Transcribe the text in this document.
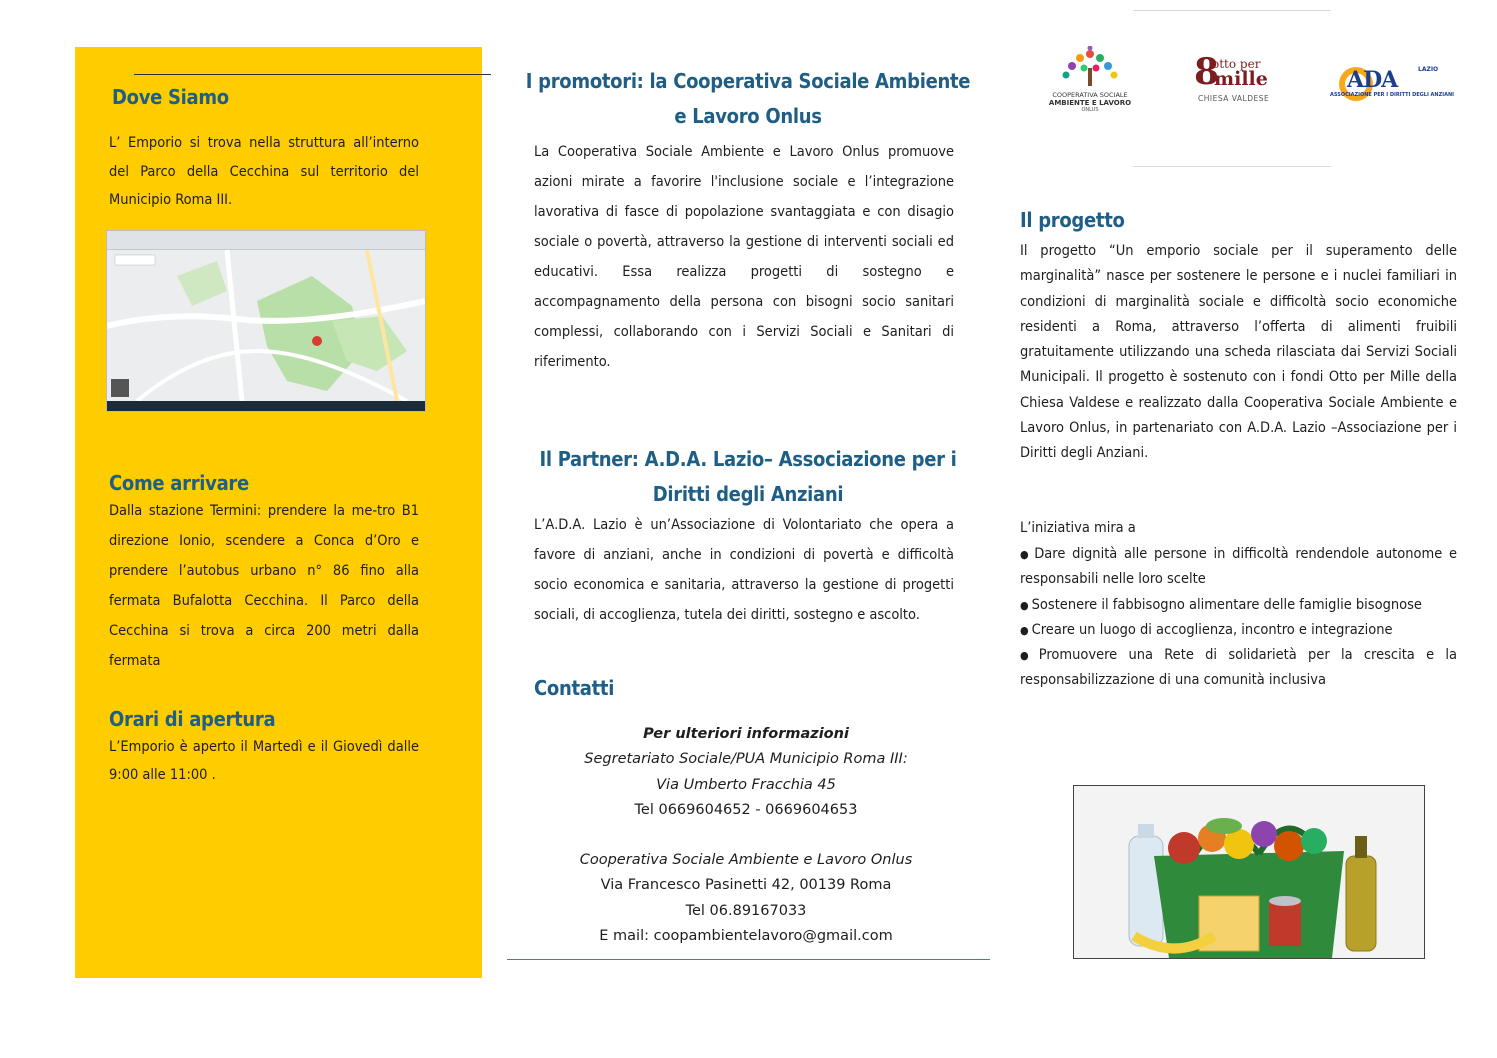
Dove Siamo
L’ Emporio si trova nella struttura all’interno del Parco della Cecchina sul territorio del Municipio Roma III.
Come arrivare
Dalla stazione Termini: prendere la me-tro B1 direzione Ionio, scendere a Conca d’Oro e prendere l’autobus urbano n° 86 fino alla fermata Bufalotta Cecchina. Il Parco della Cecchina si trova a circa 200 metri dalla fermata
Orari di apertura
L’Emporio è aperto il Martedì e il Giovedì dalle 9:00 alle 11:00 .
I promotori: la Cooperativa Sociale Ambiente
e Lavoro Onlus
La Cooperativa Sociale Ambiente e Lavoro Onlus promuove azioni mirate a favorire l'inclusione sociale e l’integrazione lavorativa di fasce di popolazione svantaggiata e con disagio sociale o povertà, attraverso la gestione di interventi sociali ed educativi. Essa realizza progetti di sostegno e accompagnamento della persona con bisogni socio sanitari complessi, collaborando con i Servizi Sociali e Sanitari di riferimento.
Il Partner: A.D.A. Lazio– Associazione per i
Diritti degli Anziani
L’A.D.A. Lazio è un’Associazione di Volontariato che opera a favore di anziani, anche in condizioni di povertà e difficoltà socio economica e sanitaria, attraverso la gestione di progetti sociali, di accoglienza, tutela dei diritti, sostegno e ascolto.
Contatti
Per ulteriori informazioni
Segretariato Sociale/PUA Municipio Roma III:
Via Umberto Fracchia 45
Tel 0669604652 - 0669604653
Cooperativa Sociale Ambiente e Lavoro Onlus
Via Francesco Pasinetti 42, 00139 Roma
Tel 06.89167033
E mail: coopambientelavoro@gmail.com
COOPERATIVA SOCIALE
AMBIENTE E LAVORO
ONLUS
8
otto per
mille
CHIESA VALDESE
ADA	LAZIO
ASSOCIAZIONE PER I DIRITTI DEGLI ANZIANI
Il progetto
Il progetto “Un emporio sociale per il superamento delle marginalità” nasce per sostenere le persone e i nuclei familiari in condizioni di marginalità sociale e difficoltà socio economiche residenti a Roma, attraverso l’offerta di alimenti fruibili gratuitamente utilizzando una scheda rilasciata dai Servizi Sociali Municipali. Il progetto è sostenuto con i fondi Otto per Mille della Chiesa Valdese e realizzato dalla Cooperativa Sociale Ambiente e Lavoro Onlus, in partenariato con A.D.A. Lazio –Associazione per i Diritti degli Anziani.
L’iniziativa mira a
● Dare dignità alle persone in difficoltà rendendole autonome e responsabili nelle loro scelte
● Sostenere il fabbisogno alimentare delle famiglie bisognose
● Creare un luogo di accoglienza, incontro e integrazione
● Promuovere una Rete di solidarietà per la crescita e la responsabilizzazione di una comunità inclusiva
